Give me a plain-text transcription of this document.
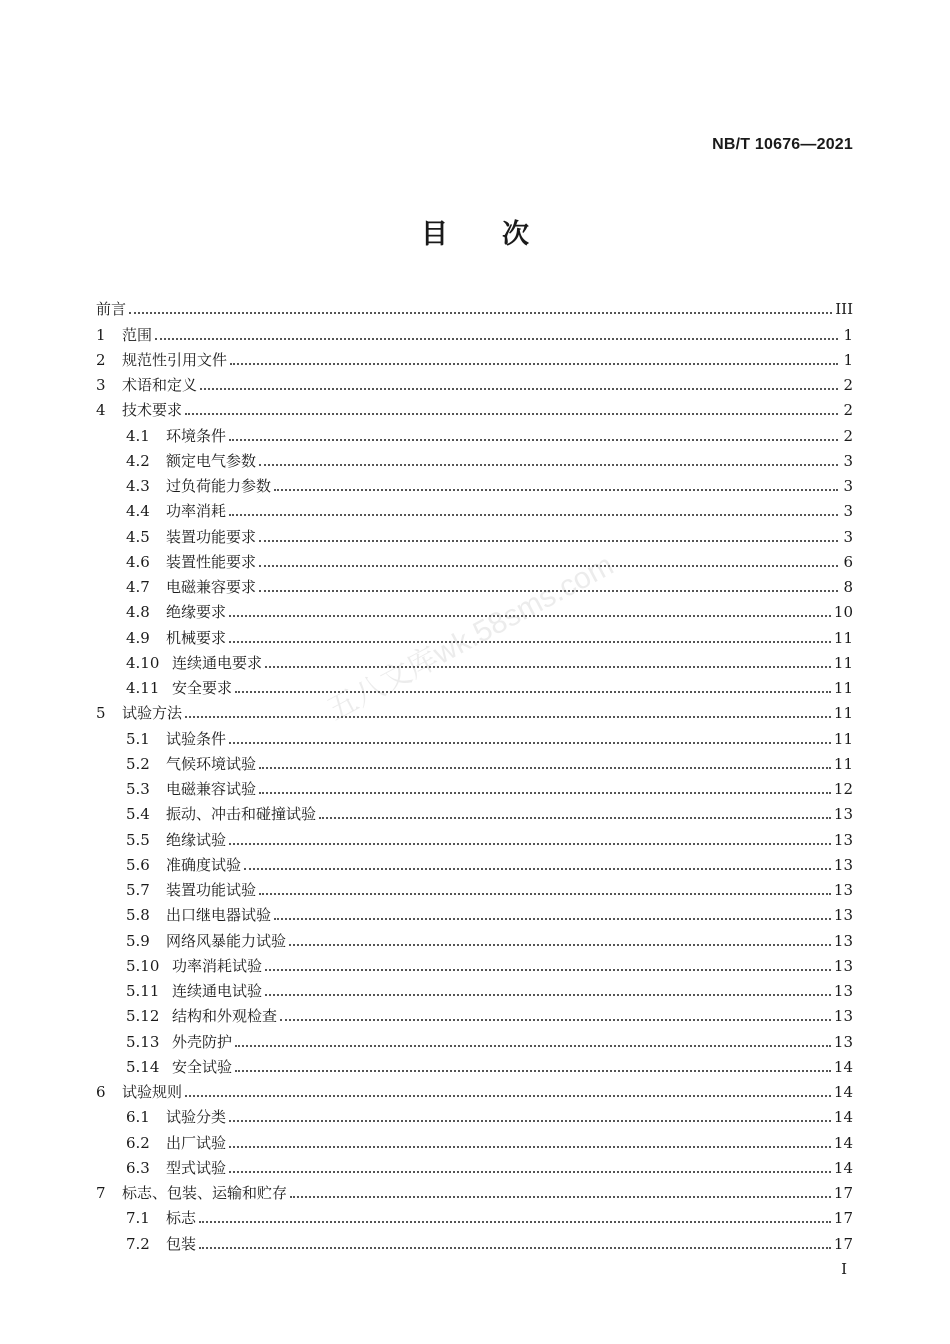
NB/T 10676—2021
目 次
前言	III
1	范围	1
2	规范性引用文件	1
3	术语和定义	2
4	技术要求	2
4.1	环境条件	2
4.2	额定电气参数	3
4.3	过负荷能力参数	3
4.4	功率消耗	3
4.5	装置功能要求	3
4.6	装置性能要求	6
4.7	电磁兼容要求	8
4.8	绝缘要求	10
4.9	机械要求	11
4.10 连续通电要求	11
4.11 安全要求	11
5	试验方法	11
5.1	试验条件	11
5.2	气候环境试验	11
5.3	电磁兼容试验	12
5.4	振动、冲击和碰撞试验	13
5.5	绝缘试验	13
5.6	准确度试验	13
5.7	装置功能试验	13
5.8	出口继电器试验	13
5.9	网络风暴能力试验	13
5.10 功率消耗试验	13
5.11 连续通电试验	13
5.12 结构和外观检查	13
5.13 外壳防护	13
5.14 安全试验	14
6	试验规则	14
6.1	试验分类	14
6.2	出厂试验	14
6.3	型式试验	14
7	标志、包装、运输和贮存	17
7.1	标志	17
7.2	包装	17
五八文库wk.58sms.com
I
